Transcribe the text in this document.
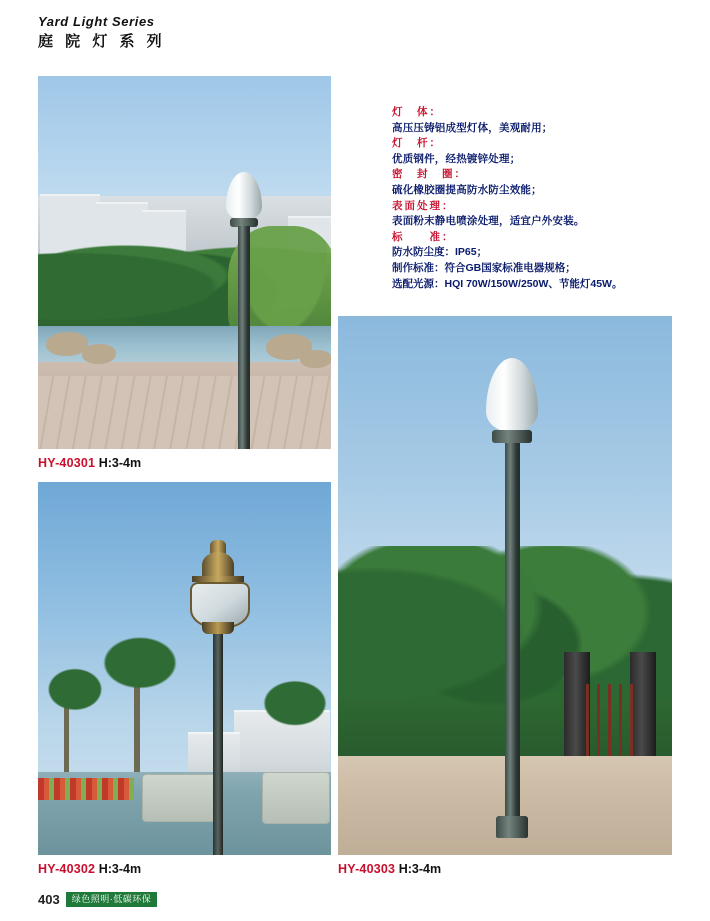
Yard Light Series
庭 院 灯 系 列
灯　体：
高压压铸铝成型灯体，美观耐用；
灯　杆：
优质钢件，经热镀锌处理；
密　封　圈：
硫化橡胶圈提高防水防尘效能；
表面处理：
表面粉末静电喷涂处理，适宜户外安装。
标　　准：
防水防尘度：IP65；
制作标准：符合GB国家标准电器规格；
选配光源：HQI 70W/150W/250W、节能灯45W。
HY-40301 H:3-4m
HY-40302 H:3-4m	HY-40303 H:3-4m
403	绿色照明·低碳环保
